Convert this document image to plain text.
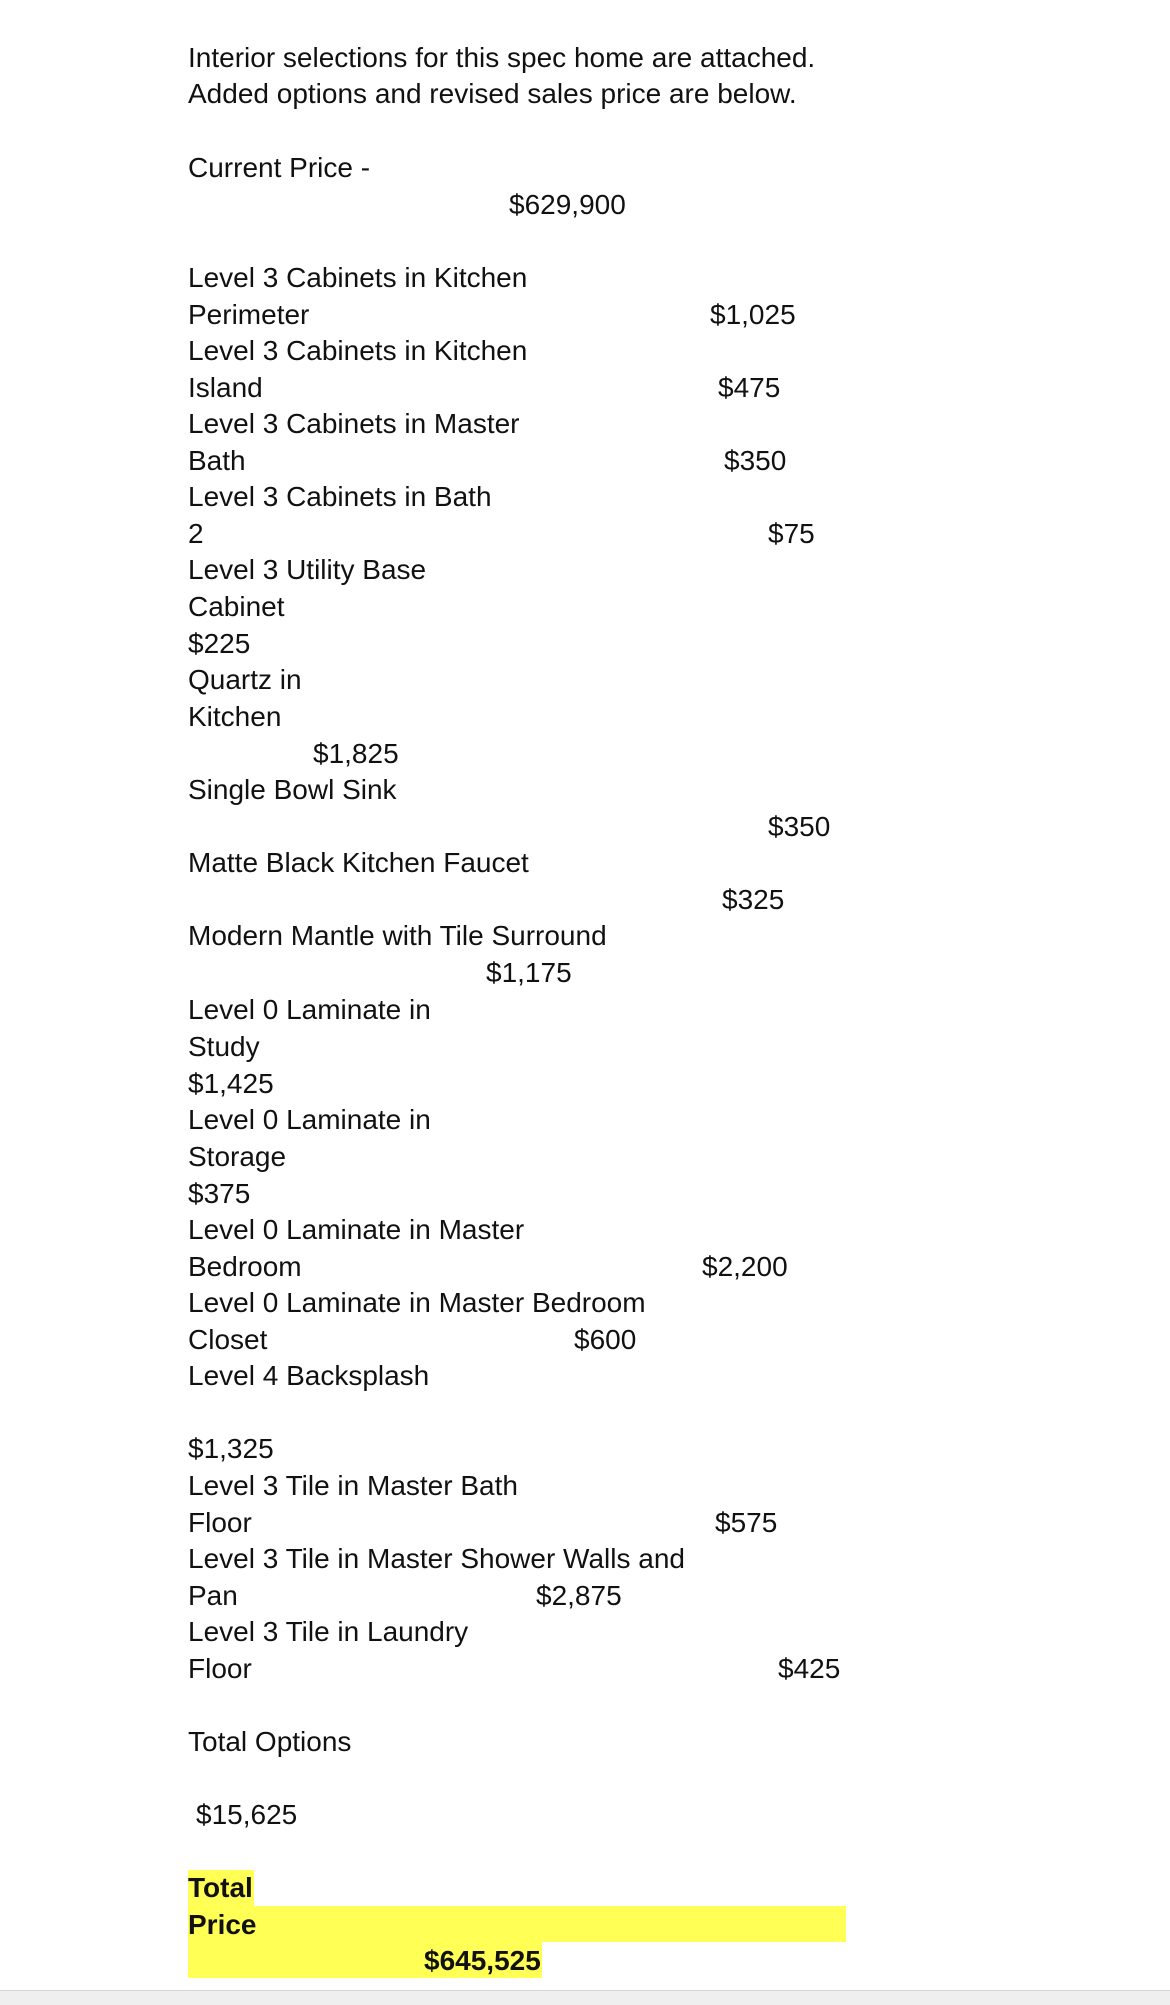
Interior selections for this spec home are attached.
Added options and revised sales price are below.
Current Price -
$629,900
Level 3 Cabinets in Kitchen
Perimeter	$1,025
Level 3 Cabinets in Kitchen
Island	$475
Level 3 Cabinets in Master
Bath	$350
Level 3 Cabinets in Bath
2	$75
Level 3 Utility Base
Cabinet
$225
Quartz in
Kitchen
$1,825
Single Bowl Sink
$350
Matte Black Kitchen Faucet
$325
Modern Mantle with Tile Surround
$1,175
Level 0 Laminate in
Study
$1,425
Level 0 Laminate in
Storage
$375
Level 0 Laminate in Master
Bedroom	$2,200
Level 0 Laminate in Master Bedroom
Closet	$600
Level 4 Backsplash
$1,325
Level 3 Tile in Master Bath
Floor	$575
Level 3 Tile in Master Shower Walls and
Pan	$2,875
Level 3 Tile in Laundry
Floor	$425
Total Options
$15,625
Total
Price
$645,525
